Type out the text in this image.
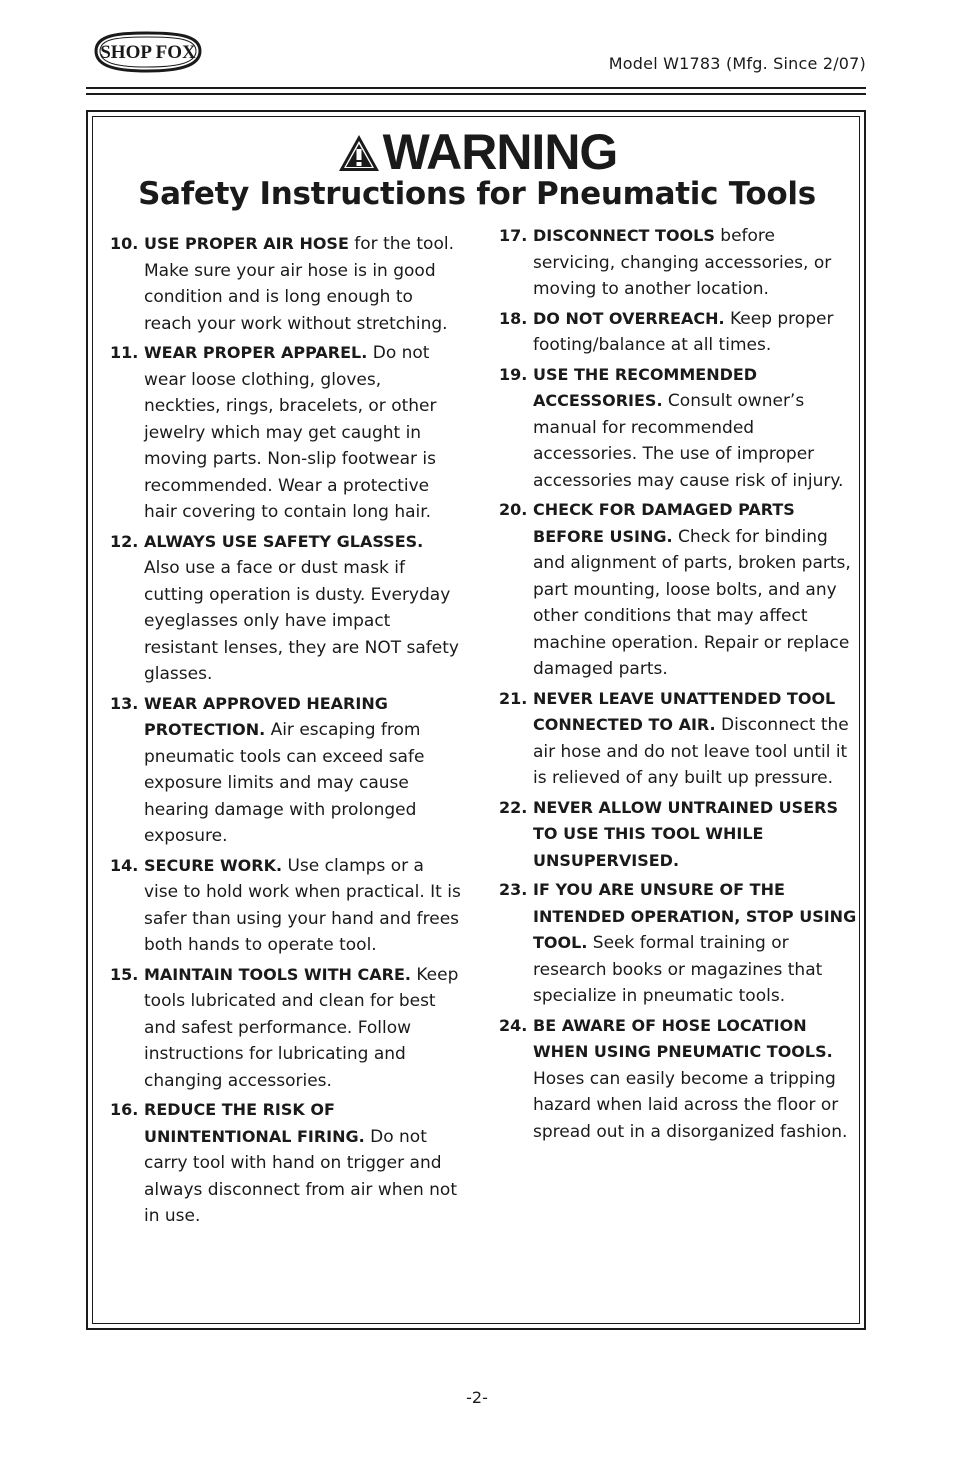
SHOP FOX
Model W1783 (Mfg. Since 2/07)
WARNING
Safety Instructions for Pneumatic Tools
10. USE PROPER AIR HOSE for the tool. Make sure your air hose is in good condition and is long enough to reach your work without stretching.
11. WEAR PROPER APPAREL. Do not wear loose clothing, gloves, neckties, rings, bracelets, or other jewelry which may get caught in moving parts. Non-slip footwear is recommended. Wear a protective hair covering to contain long hair.
12. ALWAYS USE SAFETY GLASSES. Also use a face or dust mask if cutting operation is dusty. Everyday eyeglasses only have impact resistant lenses, they are NOT safety glasses.
13. WEAR APPROVED HEARING PROTECTION. Air escaping from pneumatic tools can exceed safe exposure limits and may cause hearing damage with prolonged exposure.
14. SECURE WORK. Use clamps or a vise to hold work when practical. It is safer than using your hand and frees both hands to operate tool.
15. MAINTAIN TOOLS WITH CARE. Keep tools lubricated and clean for best and safest performance. Follow instructions for lubricating and changing accessories.
16. REDUCE THE RISK OF UNINTENTIONAL FIRING. Do not carry tool with hand on trigger and always disconnect from air when not in use.
17. DISCONNECT TOOLS before servicing, changing accessories, or moving to another location.
18. DO NOT OVERREACH. Keep proper footing/balance at all times.
19. USE THE RECOMMENDED ACCESSORIES. Consult owner’s manual for recommended accessories. The use of improper accessories may cause risk of injury.
20. CHECK FOR DAMAGED PARTS BEFORE USING. Check for binding and alignment of parts, broken parts, part mounting, loose bolts, and any other conditions that may affect machine operation. Repair or replace damaged parts.
21. NEVER LEAVE UNATTENDED TOOL CONNECTED TO AIR. Disconnect the air hose and do not leave tool until it is relieved of any built up pressure.
22. NEVER ALLOW UNTRAINED USERS TO USE THIS TOOL WHILE UNSUPERVISED.
23. IF YOU ARE UNSURE OF THE INTENDED OPERATION, STOP USING TOOL. Seek formal training or research books or magazines that specialize in pneumatic tools.
24. BE AWARE OF HOSE LOCATION WHEN USING PNEUMATIC TOOLS. Hoses can easily become a tripping hazard when laid across the floor or spread out in a disorganized fashion.
-2-
